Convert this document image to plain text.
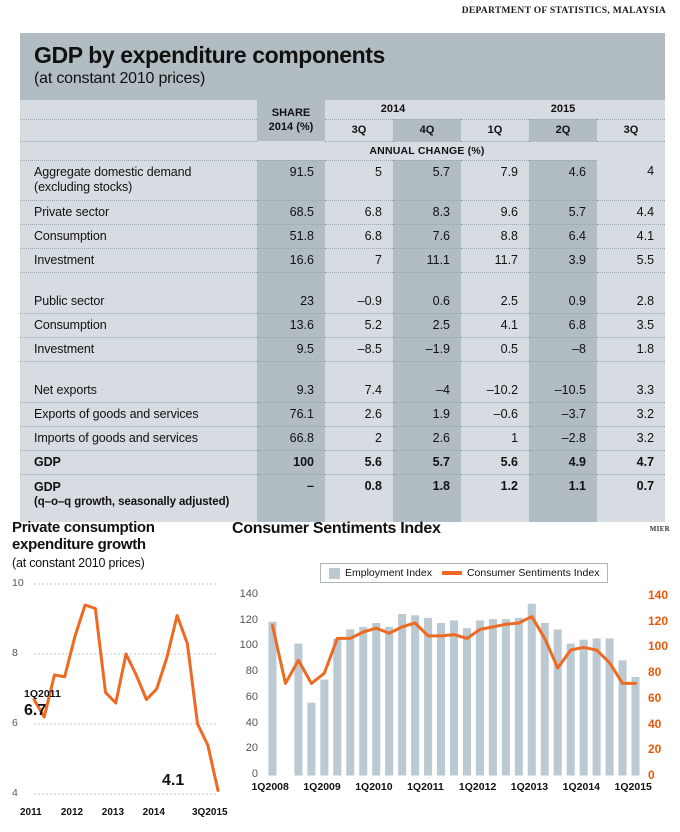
DEPARTMENT OF STATISTICS, MALAYSIA
GDP by expenditure components
(at constant 2010 prices)
	SHARE
2014 (%)	2014		2015		
		3Q	4Q	1Q	2Q	3Q
	ANNUAL CHANGE (%)					
Aggregate domestic demand
(excluding stocks)	91.5	5	5.7	7.9	4.6	4
Private sector	68.5	6.8	8.3	9.6	5.7	4.4
Consumption	51.8	6.8	7.6	8.8	6.4	4.1
Investment	16.6	7	11.1	11.7	3.9	5.5

Public sector	23	–0.9	0.6	2.5	0.9	2.8
Consumption	13.6	5.2	2.5	4.1	6.8	3.5
Investment	9.5	–8.5	–1.9	0.5	–8	1.8

Net exports	9.3	7.4	–4	–10.2	–10.5	3.3
Exports of goods and services	76.1	2.6	1.9	–0.6	–3.7	3.2
Imports of goods and services	66.8	2	2.6	1	–2.8	3.2
GDP	100	5.6	5.7	5.6	4.9	4.7
GDP
(q–o–q growth, seasonally adjusted)	–	0.8	1.8	1.2	1.1	0.7
Private consumption expenditure growth
(at constant 2010 prices)
4
6
8
10
2011 2012 2013 2014	3Q2015
1Q2011
6.7
4.1
Consumer Sentiments Index	MIER
Employment Index	Consumer Sentiments Index
0
20
40
60
80
100
120
140
0
20
40
60
80
100
120
140
1Q2008 1Q2009 1Q2010 1Q2011 1Q2012 1Q2013 1Q2014 1Q2015
